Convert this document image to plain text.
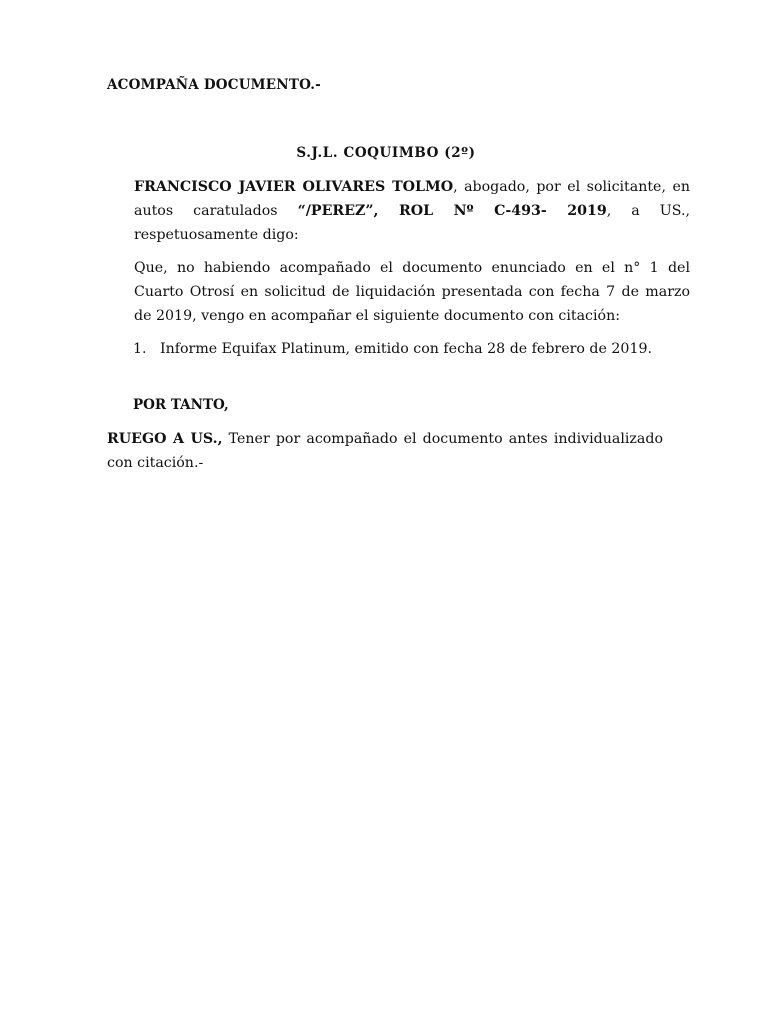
ACOMPAÑA DOCUMENTO.-
S.J.L. COQUIMBO (2º)

FRANCISCO JAVIER OLIVARES TOLMO, abogado, por el solicitante, en autos caratulados “/PEREZ”, ROL Nº C-493- 2019, a US., respetuosamente digo:

Que, no habiendo acompañado el documento enunciado en el n° 1 del Cuarto Otrosí en solicitud de liquidación presentada con fecha 7 de marzo de 2019, vengo en acompañar el siguiente documento con citación:

1. Informe Equifax Platinum, emitido con fecha 28 de febrero de 2019.
POR TANTO,

RUEGO A US., Tener por acompañado el documento antes individualizado con citación.-
